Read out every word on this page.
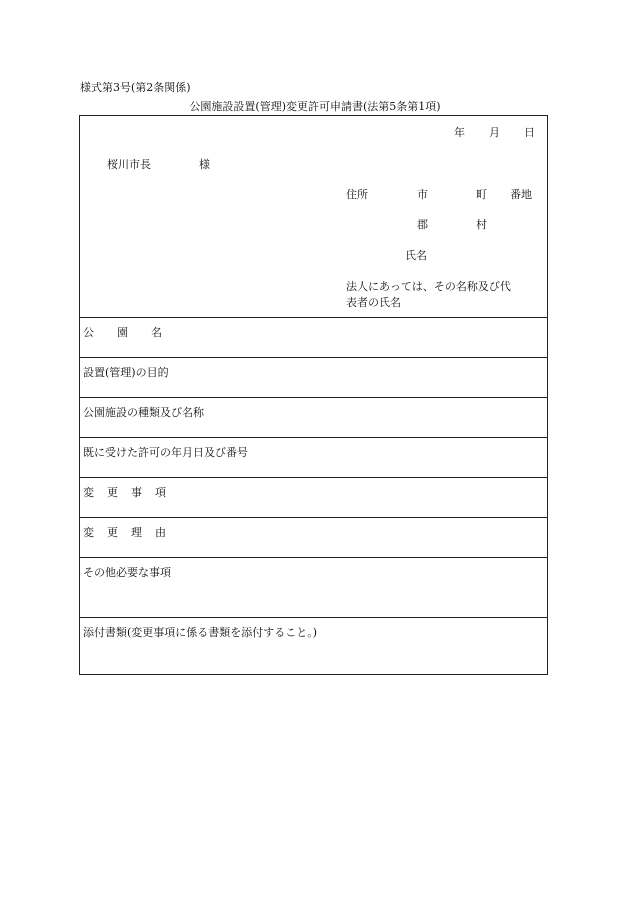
様式第3号(第2条関係)
公園施設設置(管理)変更許可申請書(法第5条第1項)
年 月 日
桜川市長	様
住所	市	町 番地
郡	村
氏名
法人にあっては、その名称及び代
表者の氏名
公 園 名
設置(管理)の目的
公園施設の種類及び名称
既に受けた許可の年月日及び番号
変 更 事 項
変 更 理 由
その他必要な事項
添付書類(変更事項に係る書類を添付すること。)
